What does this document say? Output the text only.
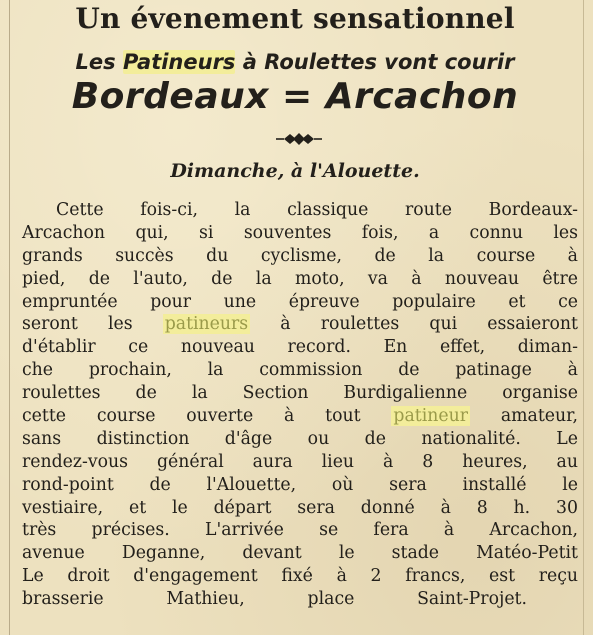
Un évenement sensationnel
Les Patineurs à Roulettes vont courir
Bordeaux = Arcachon
Dimanche, à l'Alouette.
Cette fois-ci, la classique route Bordeaux-
Arcachon qui, si souventes fois, a connu les
grands succès du cyclisme, de la course à
pied, de l'auto, de la moto, va à nouveau être
empruntée pour une épreuve populaire et ce
seront les patineurs à roulettes qui essaieront
d'établir ce nouveau record. En effet, diman-
che prochain, la commission de patinage à
roulettes de la Section Burdigalienne organise
cette course ouverte à tout patineur amateur,
sans distinction d'âge ou de nationalité. Le
rendez-vous général aura lieu à 8 heures, au
rond-point de l'Alouette, où sera installé le
vestiaire, et le départ sera donné à 8 h. 30
très précises. L'arrivée se fera à Arcachon,
avenue Deganne, devant le stade Matéo-Petit
Le droit d'engagement fixé à 2 francs, est reçu
brasserie Mathieu, place Saint-Projet.
